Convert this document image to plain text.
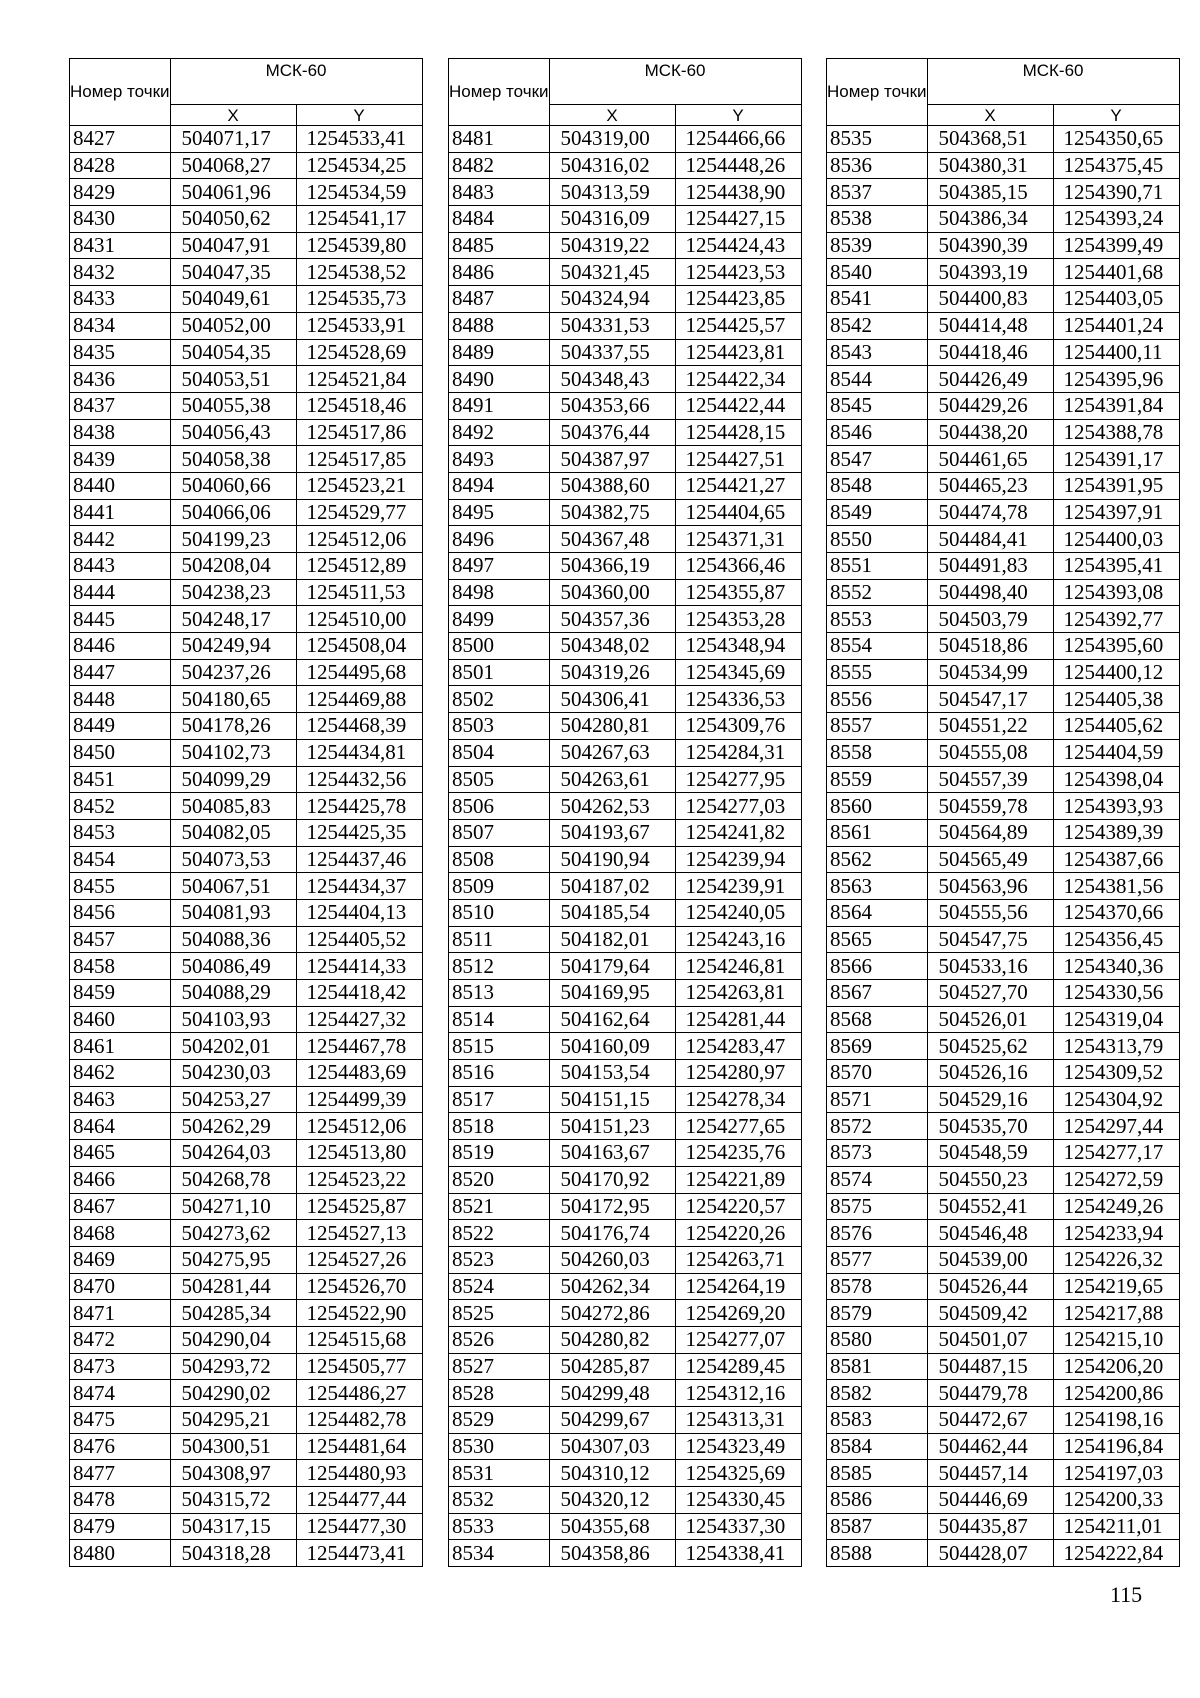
Номер точки	МСК-60	
	X	Y
8427	504071,17	1254533,41
8428	504068,27	1254534,25
8429	504061,96	1254534,59
8430	504050,62	1254541,17
8431	504047,91	1254539,80
8432	504047,35	1254538,52
8433	504049,61	1254535,73
8434	504052,00	1254533,91
8435	504054,35	1254528,69
8436	504053,51	1254521,84
8437	504055,38	1254518,46
8438	504056,43	1254517,86
8439	504058,38	1254517,85
8440	504060,66	1254523,21
8441	504066,06	1254529,77
8442	504199,23	1254512,06
8443	504208,04	1254512,89
8444	504238,23	1254511,53
8445	504248,17	1254510,00
8446	504249,94	1254508,04
8447	504237,26	1254495,68
8448	504180,65	1254469,88
8449	504178,26	1254468,39
8450	504102,73	1254434,81
8451	504099,29	1254432,56
8452	504085,83	1254425,78
8453	504082,05	1254425,35
8454	504073,53	1254437,46
8455	504067,51	1254434,37
8456	504081,93	1254404,13
8457	504088,36	1254405,52
8458	504086,49	1254414,33
8459	504088,29	1254418,42
8460	504103,93	1254427,32
8461	504202,01	1254467,78
8462	504230,03	1254483,69
8463	504253,27	1254499,39
8464	504262,29	1254512,06
8465	504264,03	1254513,80
8466	504268,78	1254523,22
8467	504271,10	1254525,87
8468	504273,62	1254527,13
8469	504275,95	1254527,26
8470	504281,44	1254526,70
8471	504285,34	1254522,90
8472	504290,04	1254515,68
8473	504293,72	1254505,77
8474	504290,02	1254486,27
8475	504295,21	1254482,78
8476	504300,51	1254481,64
8477	504308,97	1254480,93
8478	504315,72	1254477,44
8479	504317,15	1254477,30
8480	504318,28	1254473,41
Номер точки	МСК-60	
	X	Y
8481	504319,00	1254466,66
8482	504316,02	1254448,26
8483	504313,59	1254438,90
8484	504316,09	1254427,15
8485	504319,22	1254424,43
8486	504321,45	1254423,53
8487	504324,94	1254423,85
8488	504331,53	1254425,57
8489	504337,55	1254423,81
8490	504348,43	1254422,34
8491	504353,66	1254422,44
8492	504376,44	1254428,15
8493	504387,97	1254427,51
8494	504388,60	1254421,27
8495	504382,75	1254404,65
8496	504367,48	1254371,31
8497	504366,19	1254366,46
8498	504360,00	1254355,87
8499	504357,36	1254353,28
8500	504348,02	1254348,94
8501	504319,26	1254345,69
8502	504306,41	1254336,53
8503	504280,81	1254309,76
8504	504267,63	1254284,31
8505	504263,61	1254277,95
8506	504262,53	1254277,03
8507	504193,67	1254241,82
8508	504190,94	1254239,94
8509	504187,02	1254239,91
8510	504185,54	1254240,05
8511	504182,01	1254243,16
8512	504179,64	1254246,81
8513	504169,95	1254263,81
8514	504162,64	1254281,44
8515	504160,09	1254283,47
8516	504153,54	1254280,97
8517	504151,15	1254278,34
8518	504151,23	1254277,65
8519	504163,67	1254235,76
8520	504170,92	1254221,89
8521	504172,95	1254220,57
8522	504176,74	1254220,26
8523	504260,03	1254263,71
8524	504262,34	1254264,19
8525	504272,86	1254269,20
8526	504280,82	1254277,07
8527	504285,87	1254289,45
8528	504299,48	1254312,16
8529	504299,67	1254313,31
8530	504307,03	1254323,49
8531	504310,12	1254325,69
8532	504320,12	1254330,45
8533	504355,68	1254337,30
8534	504358,86	1254338,41
Номер точки	МСК-60	
	X	Y
8535	504368,51	1254350,65
8536	504380,31	1254375,45
8537	504385,15	1254390,71
8538	504386,34	1254393,24
8539	504390,39	1254399,49
8540	504393,19	1254401,68
8541	504400,83	1254403,05
8542	504414,48	1254401,24
8543	504418,46	1254400,11
8544	504426,49	1254395,96
8545	504429,26	1254391,84
8546	504438,20	1254388,78
8547	504461,65	1254391,17
8548	504465,23	1254391,95
8549	504474,78	1254397,91
8550	504484,41	1254400,03
8551	504491,83	1254395,41
8552	504498,40	1254393,08
8553	504503,79	1254392,77
8554	504518,86	1254395,60
8555	504534,99	1254400,12
8556	504547,17	1254405,38
8557	504551,22	1254405,62
8558	504555,08	1254404,59
8559	504557,39	1254398,04
8560	504559,78	1254393,93
8561	504564,89	1254389,39
8562	504565,49	1254387,66
8563	504563,96	1254381,56
8564	504555,56	1254370,66
8565	504547,75	1254356,45
8566	504533,16	1254340,36
8567	504527,70	1254330,56
8568	504526,01	1254319,04
8569	504525,62	1254313,79
8570	504526,16	1254309,52
8571	504529,16	1254304,92
8572	504535,70	1254297,44
8573	504548,59	1254277,17
8574	504550,23	1254272,59
8575	504552,41	1254249,26
8576	504546,48	1254233,94
8577	504539,00	1254226,32
8578	504526,44	1254219,65
8579	504509,42	1254217,88
8580	504501,07	1254215,10
8581	504487,15	1254206,20
8582	504479,78	1254200,86
8583	504472,67	1254198,16
8584	504462,44	1254196,84
8585	504457,14	1254197,03
8586	504446,69	1254200,33
8587	504435,87	1254211,01
8588	504428,07	1254222,84
115
